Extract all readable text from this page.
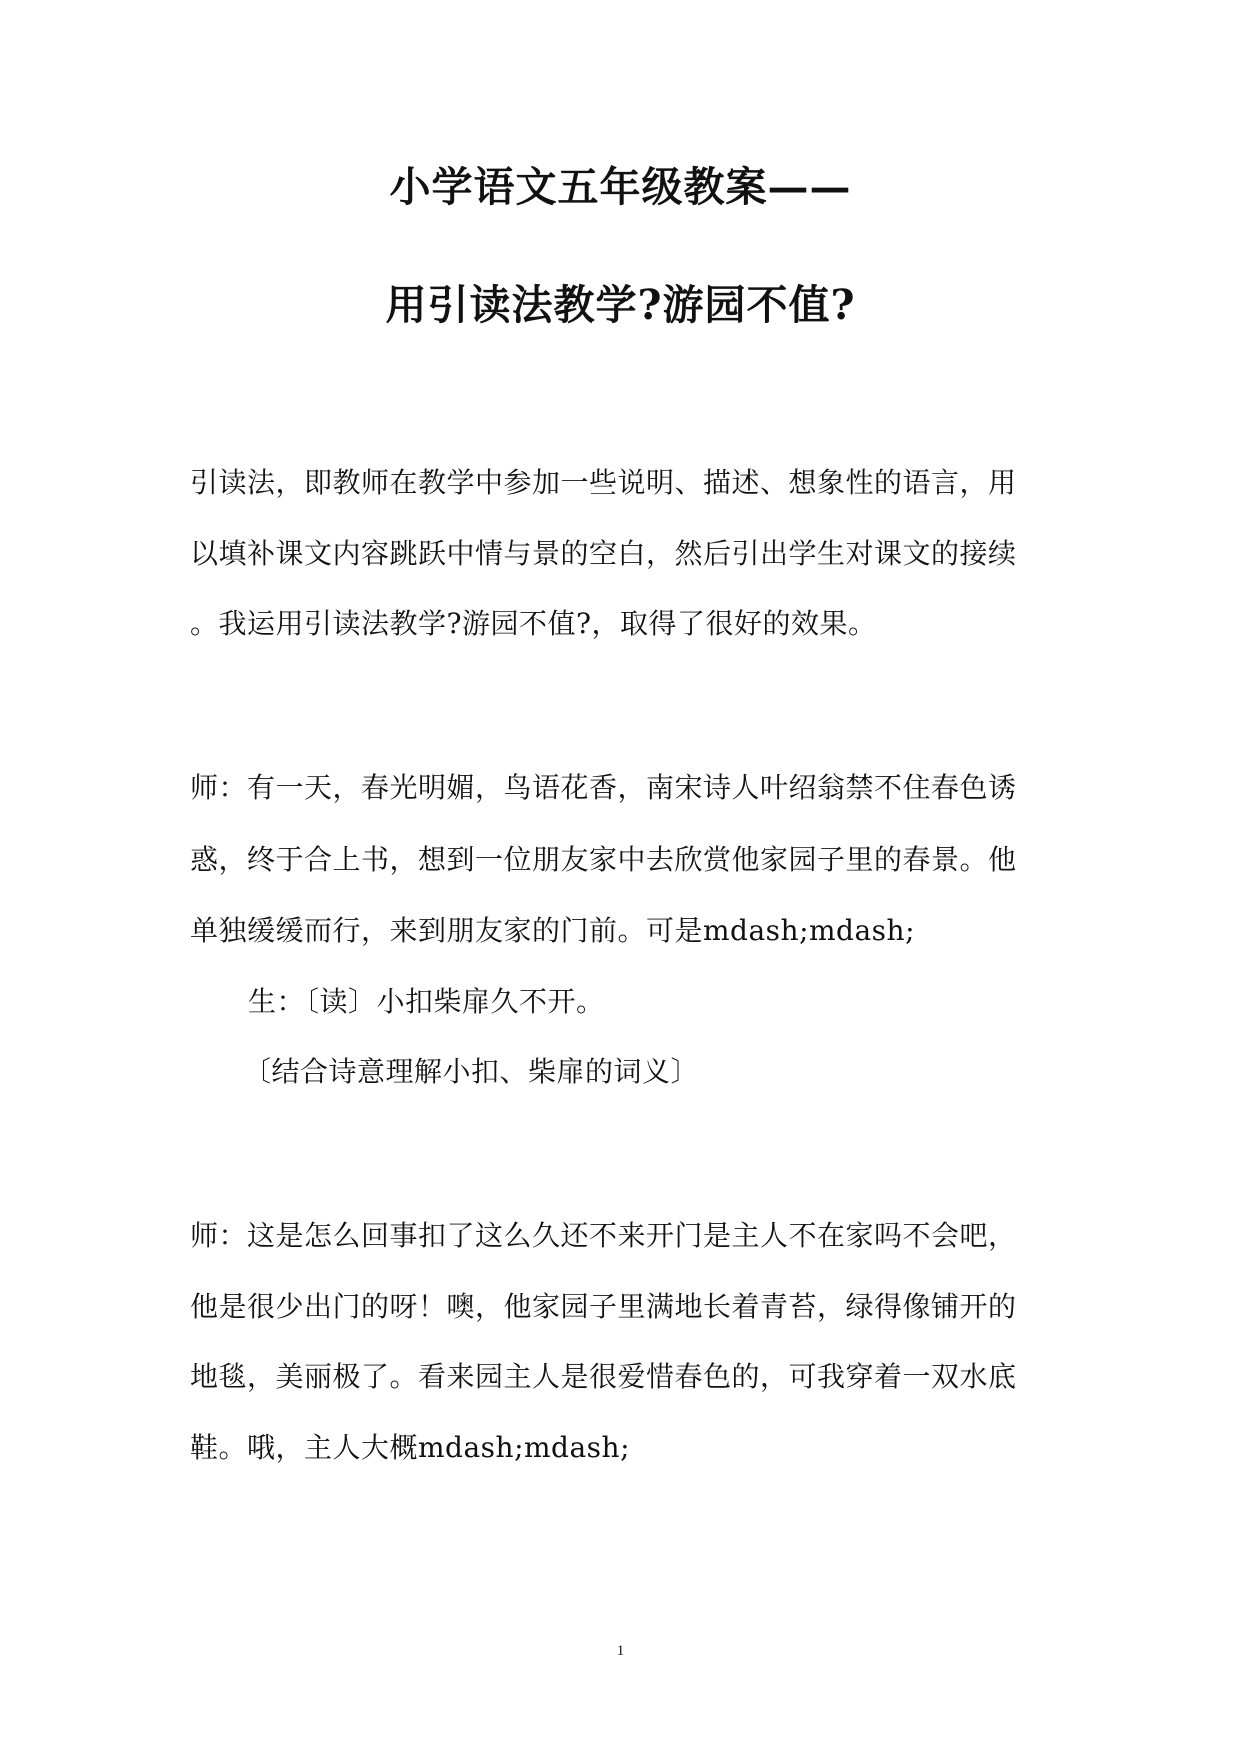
小学语文五年级教案——
用引读法教学?游园不值?
引读法，即教师在教学中参加一些说明、描述、想象性的语言，用
以填补课文内容跳跃中情与景的空白，然后引出学生对课文的接续
。我运用引读法教学?游园不值?，取得了很好的效果。
师：有一天，春光明媚，鸟语花香，南宋诗人叶绍翁禁不住春色诱
惑，终于合上书，想到一位朋友家中去欣赏他家园子里的春景。他
单独缓缓而行，来到朋友家的门前。可是mdash;mdash;
生：〔读〕小扣柴扉久不开。
〔结合诗意理解小扣、柴扉的词义〕
师：这是怎么回事扣了这么久还不来开门是主人不在家吗不会吧，
他是很少出门的呀！噢，他家园子里满地长着青苔，绿得像铺开的
地毯，美丽极了。看来园主人是很爱惜春色的，可我穿着一双水底
鞋。哦，主人大概mdash;mdash;
1
